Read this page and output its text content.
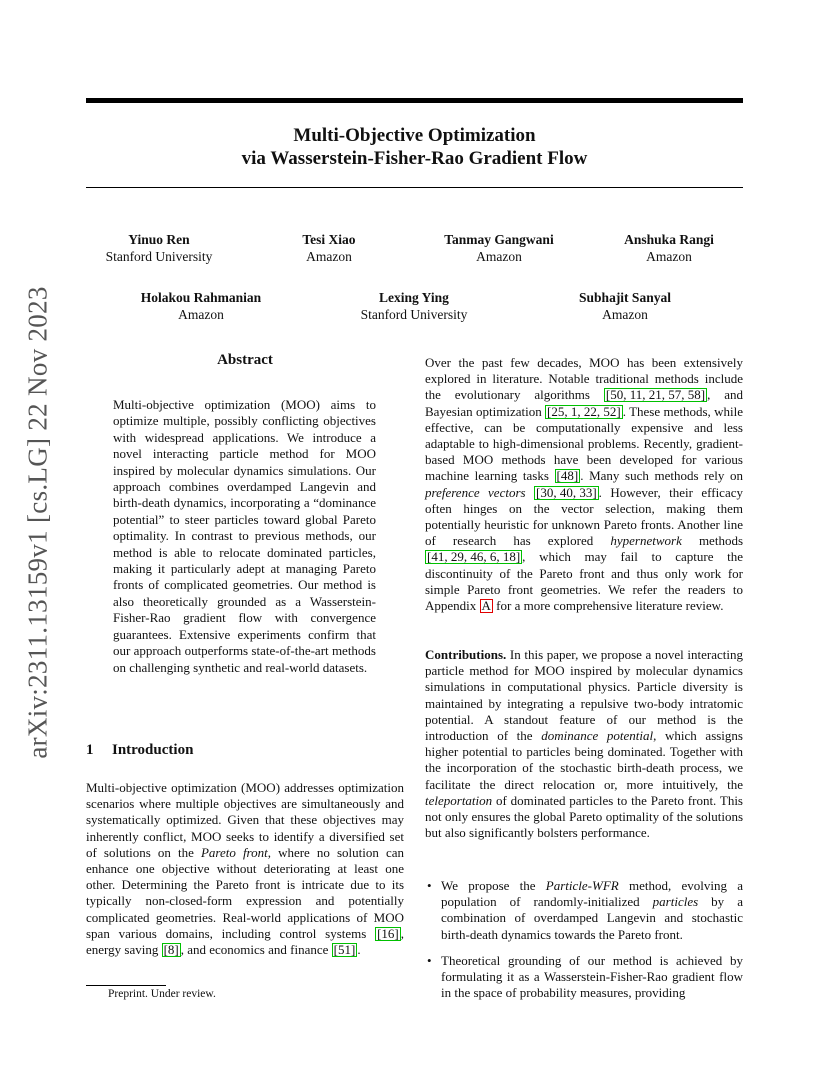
arXiv:2311.13159v1 [cs.LG] 22 Nov 2023
Multi-Objective Optimization
via Wasserstein-Fisher-Rao Gradient Flow
Yinuo Ren
Stanford University
Tesi Xiao
Amazon
Tanmay Gangwani
Amazon
Anshuka Rangi
Amazon
Holakou Rahmanian
Amazon
Lexing Ying
Stanford University
Subhajit Sanyal
Amazon
Abstract
Multi-objective optimization (MOO) aims to optimize multiple, possibly conflicting objectives with widespread applications. We introduce a novel interacting particle method for MOO inspired by molecular dynamics simulations. Our approach combines overdamped Langevin and birth-death dynamics, incorporating a “dominance potential” to steer particles toward global Pareto optimality. In contrast to previous methods, our method is able to relocate dominated particles, making it particularly adept at managing Pareto fronts of complicated geometries. Our method is also theoretically grounded as a Wasserstein-Fisher-Rao gradient flow with convergence guarantees. Extensive experiments confirm that our approach outperforms state-of-the-art methods on challenging synthetic and real-world datasets.
1 Introduction
Multi-objective optimization (MOO) addresses optimization scenarios where multiple objectives are simultaneously and systematically optimized. Given that these objectives may inherently conflict, MOO seeks to identify a diversified set of solutions on the Pareto front, where no solution can enhance one objective without deteriorating at least one other. Determining the Pareto front is intricate due to its typically non-closed-form expression and potentially complicated geometries. Real-world applications of MOO span various domains, including control systems [16] , energy saving [8] , and economics and finance [51] .
Preprint. Under review.
Over the past few decades, MOO has been extensively explored in literature. Notable traditional methods include the evolutionary algorithms [50, 11, 21, 57, 58] , and Bayesian optimization [25, 1, 22, 52] . These methods, while effective, can be computationally expensive and less adaptable to high-dimensional problems. Recently, gradient-based MOO methods have been developed for various machine learning tasks [48] . Many such methods rely on preference vectors [30, 40, 33] . However, their efficacy often hinges on the vector selection, making them potentially heuristic for unknown Pareto fronts. Another line of research has explored hypernetwork methods [41, 29, 46, 6, 18] , which may fail to capture the discontinuity of the Pareto front and thus only work for simple Pareto front geometries. We refer the readers to Appendix A for a more comprehensive literature review.
Contributions. In this paper, we propose a novel interacting particle method for MOO inspired by molecular dynamics simulations in computational physics. Particle diversity is maintained by integrating a repulsive two-body intratomic potential. A standout feature of our method is the introduction of the dominance potential, which assigns higher potential to particles being dominated. Together with the incorporation of the stochastic birth-death process, we facilitate the direct relocation or, more intuitively, the teleportation of dominated particles to the Pareto front. This not only ensures the global Pareto optimality of the solutions but also significantly bolsters performance.
• We propose the Particle-WFR method, evolving a population of randomly-initialized particles by a combination of overdamped Langevin and stochastic birth-death dynamics towards the Pareto front.
• Theoretical grounding of our method is achieved by formulating it as a Wasserstein-Fisher-Rao gradient flow in the space of probability measures, providing
